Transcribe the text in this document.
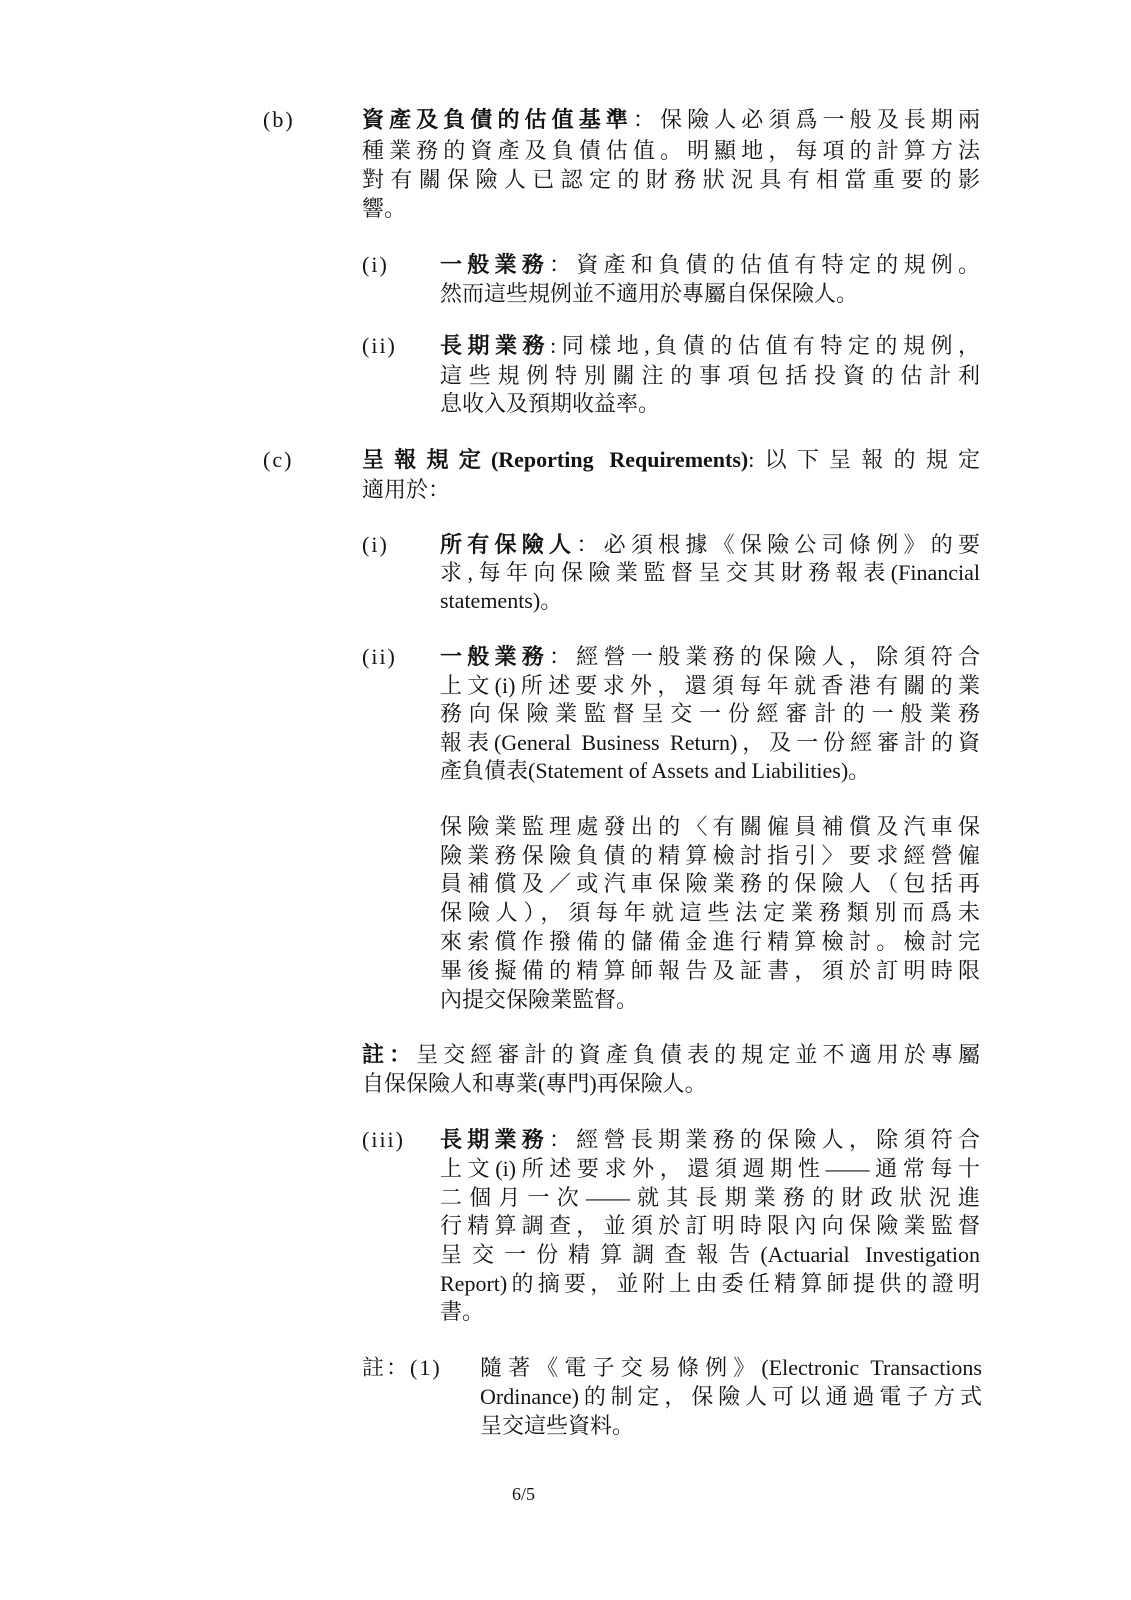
(b)	資產及負債的估值基準：保險人必須爲一般及長期兩
種業務的資產及負債估值。明顯地，每項的計算方法
對有關保險人已認定的財務狀況具有相當重要的影
響。
(i) 一般業務：資產和負債的估值有特定的規例。
然而這些規例並不適用於專屬自保保險人。
(ii) 長期業務:同樣地,負債的估值有特定的規例，
這些規例特別關注的事項包括投資的估計利
息收入及預期收益率。
(c)	呈報規定(Reporting Requirements):以下呈報的規定
適用於：
(i) 所有保險人：必須根據《保險公司條例》的要
求,每年向保險業監督呈交其財務報表(Financial
statements)。
(ii) 一般業務：經營一般業務的保險人，除須符合
上文(i)所述要求外，還須每年就香港有關的業
務向保險業監督呈交一份經審計的一般業務
報表(General Business Return)，及一份經審計的資
產負債表(Statement of Assets and Liabilities)。
保險業監理處發出的〈有關僱員補償及汽車保
險業務保險負債的精算檢討指引〉要求經營僱
員補償及／或汽車保險業務的保險人（包括再
保險人），須每年就這些法定業務類別而爲未
來索償作撥備的儲備金進行精算檢討。檢討完
畢後擬備的精算師報告及証書，須於訂明時限
內提交保險業監督。
註：呈交經審計的資產負債表的規定並不適用於專屬
自保保險人和專業(專門)再保險人。
(iii) 長期業務：經營長期業務的保險人，除須符合
上文(i)所述要求外，還須週期性——通常每十
二個月一次——就其長期業務的財政狀況進
行精算調查，並須於訂明時限內向保險業監督
呈交一份精算調查報告(Actuarial Investigation
Report)的摘要，並附上由委任精算師提供的證明
書。
註：(1) 隨著《電子交易條例》(Electronic Transactions
Ordinance)的制定，保險人可以通過電子方式
呈交這些資料。
6/5
